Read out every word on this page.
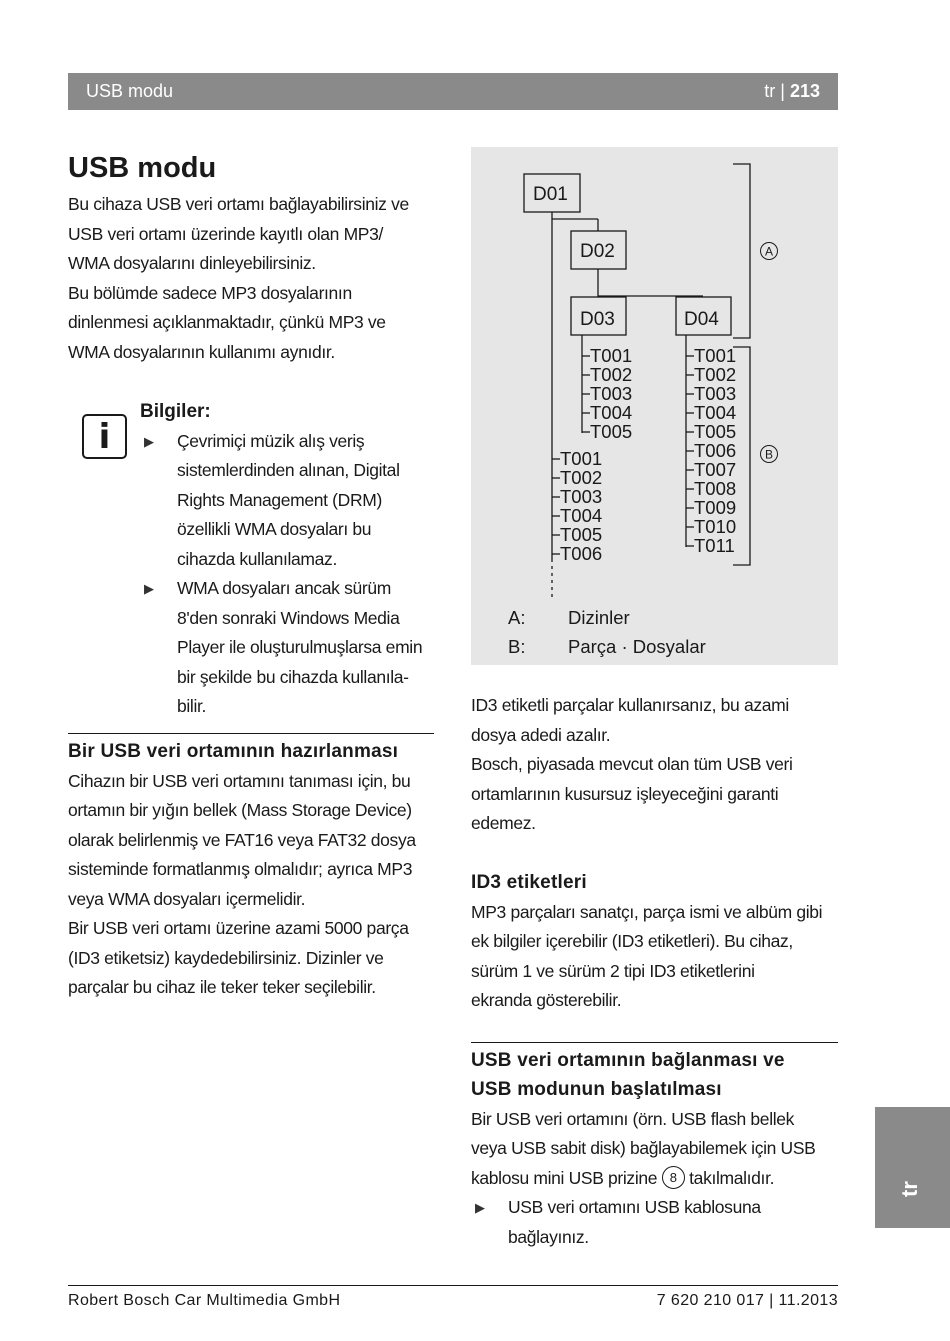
USB modu	tr | 213
USB modu
Bu cihaza USB veri ortamı bağlayabilirsiniz ve
USB veri ortamı üzerinde kayıtlı olan MP3/
WMA dosyalarını dinleyebilirsiniz.
Bu bölümde sadece MP3 dosyalarının
dinlenmesi açıklanmaktadır, çünkü MP3 ve
WMA dosyalarının kullanımı aynıdır.
i
Bilgiler:
▶ Çevrimiçi müzik alış veriş
sistemlerdinden alınan, Digital
Rights Management (DRM)
özellikli WMA dosyaları bu
cihazda kullanılamaz.
▶ WMA dosyaları ancak sürüm
8'den sonraki Windows Media
Player ile oluşturulmuşlarsa emin
bir şekilde bu cihazda kullanıla-
bilir.
Bir USB veri ortamının hazırlanması
Cihazın bir USB veri ortamını tanıması için, bu
ortamın bir yığın bellek (Mass Storage Device)
olarak belirlenmiş ve FAT16 veya FAT32 dosya
sisteminde formatlanmış olmalıdır; ayrıca MP3
veya WMA dosyaları içermelidir.
Bir USB veri ortamı üzerine azami 5000 parça
(ID3 etiketsiz) kaydedebilirsiniz. Dizinler ve
parçalar bu cihaz ile teker teker seçilebilir.
D01
D02
D03	D04
T001
T002
T003
T004
T005
T001
T002
T003
T004
T005
T006
T001
T002
T003
T004
T005
T006
T007
T008
T009
T010
T011
A
B
A: Dizinler
B: Parça · Dosyalar
ID3 etiketli parçalar kullanırsanız, bu azami
dosya adedi azalır.
Bosch, piyasada mevcut olan tüm USB veri
ortamlarının kusursuz işleyeceğini garanti
edemez.
ID3 etiketleri
MP3 parçaları sanatçı, parça ismi ve albüm gibi
ek bilgiler içerebilir (ID3 etiketleri). Bu cihaz,
sürüm 1 ve sürüm 2 tipi ID3 etiketlerini
ekranda gösterebilir.
USB veri ortamının bağlanması ve
USB modunun başlatılması
Bir USB veri ortamını (örn. USB flash bellek
veya USB sabit disk) bağlayabilemek için USB
kablosu mini USB prizine 8 takılmalıdır.
▶ USB veri ortamını USB kablosuna
bağlayınız.
tr
Robert Bosch Car Multimedia GmbH	7 620 210 017 | 11.2013
